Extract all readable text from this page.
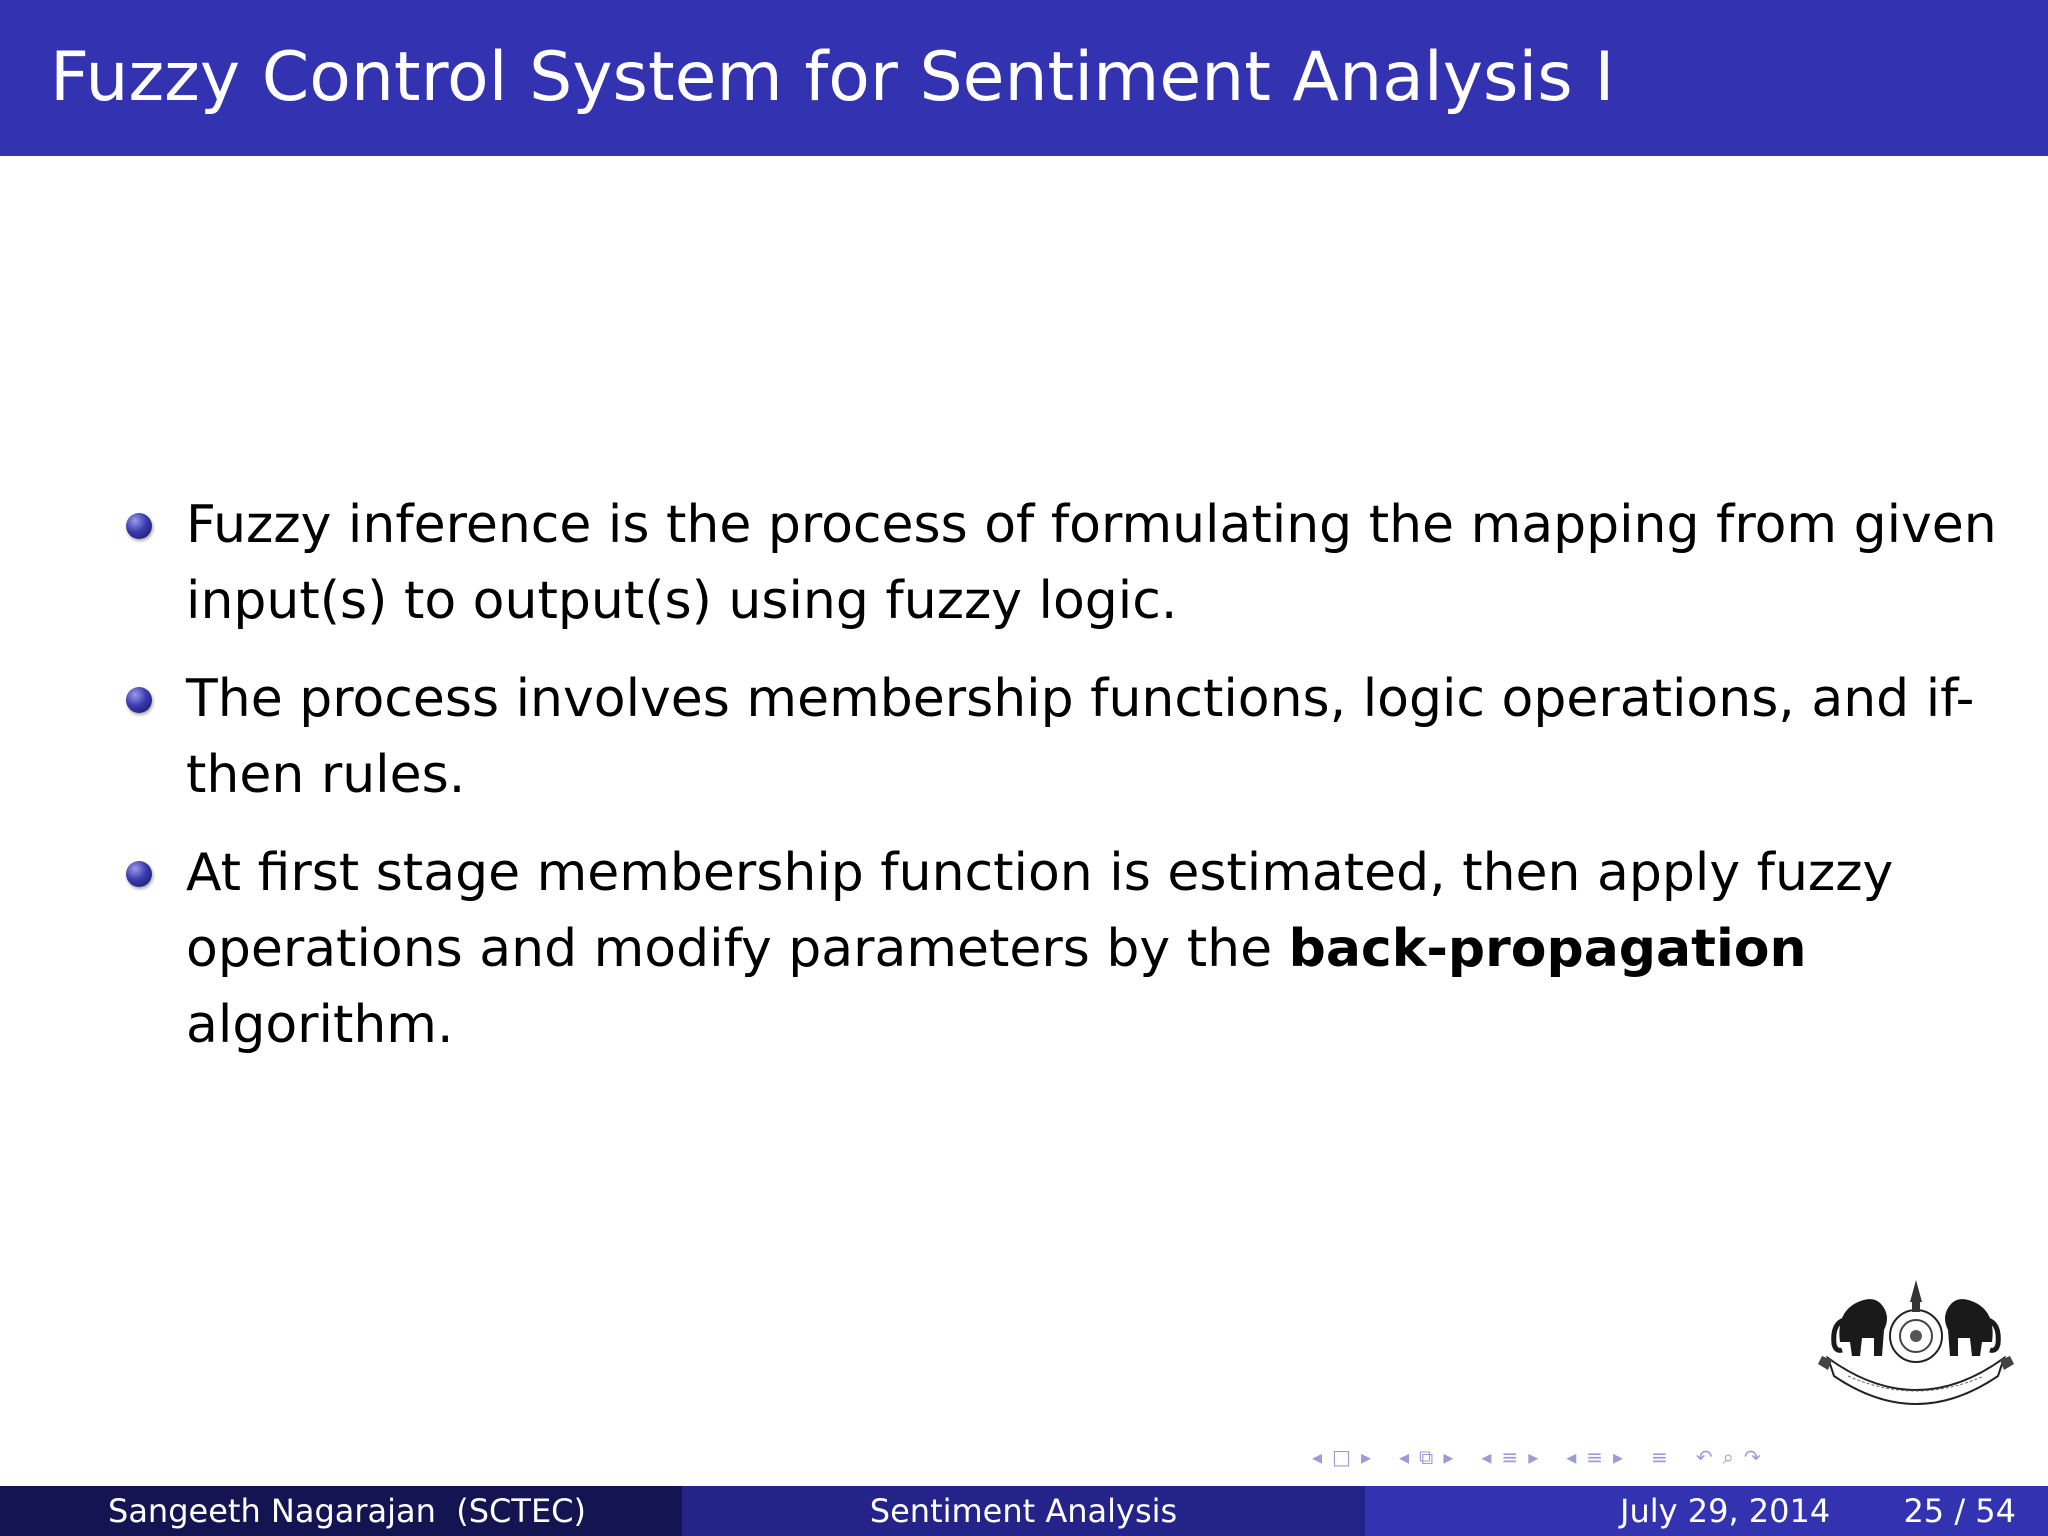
Fuzzy Control System for Sentiment Analysis I
Fuzzy inference is the process of formulating the mapping from given input(s) to output(s) using fuzzy logic.
The process involves membership functions, logic operations, and if-then rules.
At first stage membership function is estimated, then apply fuzzy operations and modify parameters by the back-propagation algorithm.
◂ □ ▸ ◂ ⧉ ▸ ◂ ≡ ▸ ◂ ≡ ▸ ≡ ↶ ⌕ ↷
Sangeeth Nagarajan  (SCTEC)	Sentiment Analysis	July 29, 2014 25 / 54
